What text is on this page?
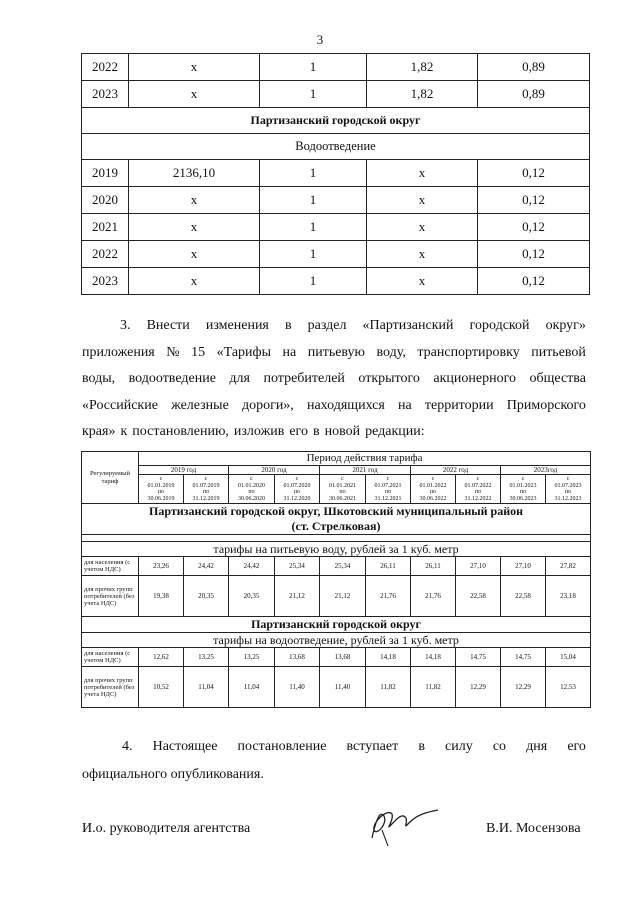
3
2022	x	1	1,82	0,89
2023	x	1	1,82	0,89
Партизанский городской округ				
Водоотведение				
2019	2136,10	1	x	0,12
2020	x	1	x	0,12
2021	x	1	x	0,12
2022	x	1	x	0,12
2023	x	1	x	0,12
3. Внести изменения в раздел «Партизанский городской округ»
приложения № 15 «Тарифы на питьевую воду, транспортировку питьевой
воды, водоотведение для потребителей открытого акционерного общества
«Российские железные дороги», находящихся на территории Приморского
края» к постановлению, изложив его в новой редакции:
Регулируемый тариф	Период действия тарифа									
	2019 год		2020 год		2021 год		2022 год		2023год	
	с
01.01.2019
по
30.06.2019	с
01.07.2019
по
31.12.2019	с
01.01.2020
по
30.06.2020	с
01.07.2020
по
31.12.2020	с
01.01.2021
по
30.06.2021	с
01.07.2021
по
31.12.2021	с
01.01.2022
по
30.06.2022	с
01.07.2022
по
31.12.2022	с
01.01.2023
по
30.06.2023	с
01.07.2023
по
31.12.2023
Партизанский городской округ, Шкотовский муниципальный район
(ст. Стрелковая)										

тарифы на питьевую воду, рублей за 1 куб. метр										
для населения (с учетом НДС)	23,26	24,42	24,42	25,34	25,34	26,11	26,11	27,10	27,10	27,82
для прочих групп потребителей (без учета НДС)	19,38	20,35	20,35	21,12	21,12	21,76	21,76	22,58	22,58	23,18
Партизанский городской округ										
тарифы на водоотведение, рублей за 1 куб. метр										
для населения (с учетом НДС)	12,62	13,25	13,25	13,68	13,68	14,18	14,18	14,75	14,75	15,04
для прочих групп потребителей (без учета НДС)	10,52	11,04	11,04	11,40	11,40	11,82	11,82	12,29	12,29	12,53
4. Настоящее постановление вступает в силу со дня его
официального опубликования.
И.о. руководителя агентства	В.И. Мосензова
